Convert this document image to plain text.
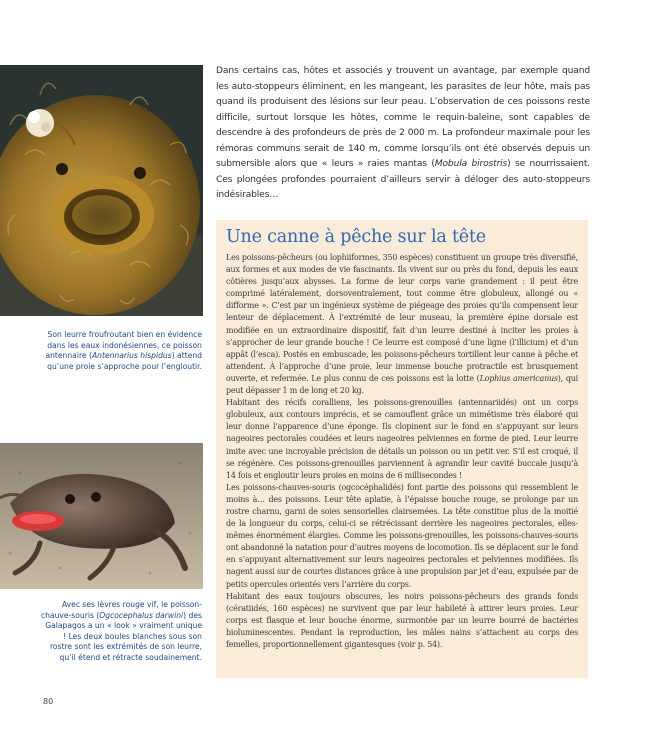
Son leurre froufroutant bien en évidence dans les eaux indonésiennes, ce poisson antennaire (Antennarius hispidus) attend qu’une proie s’approche pour l’engloutir.

Avec ses lèvres rouge vif, le poisson-chauve-souris (Ogcocephalus darwini) des Galapagos a un « look » vraiment unique ! Les deux boules blanches sous son rostre sont les extrémités de son leurre, qu’il étend et rétracte soudainement.

Dans certains cas, hôtes et associés y trouvent un avantage, par exemple quand les auto-stoppeurs éliminent, en les mangeant, les parasites de leur hôte, mais pas quand ils produisent des lésions sur leur peau. L’observation de ces poissons reste difficile, surtout lorsque les hôtes, comme le requin-baleine, sont capables de descendre à des profondeurs de près de 2 000 m. La profondeur maximale pour les rémoras communs serait de 140 m, comme lorsqu’ils ont été observés depuis un submersible alors que « leurs » raies mantas (Mobula birostris) se nourrissaient. Ces plongées profondes pourraient d’ailleurs servir à déloger des auto-stoppeurs indésirables…

Une canne à pêche sur la tête

Les poissons-pêcheurs (ou lophiiformes, 350 espèces) constituent un groupe très diversifié, aux formes et aux modes de vie fascinants. Ils vivent sur ou près du fond, depuis les eaux côtières jusqu’aux abysses. La forme de leur corps varie grandement : il peut être comprimé latéralement, dorsoventralement, tout comme être globuleux, allongé ou « difforme ». C’est par un ingénieux système de piégeage des proies qu’ils compensent leur lenteur de déplacement. À l’extrémité de leur museau, la première épine dorsale est modifiée en un extraordinaire dispositif, fait d’un leurre destiné à inciter les proies à s’approcher de leur grande bouche ! Ce leurre est composé d’une ligne (l’illicium) et d’un appât (l’esca). Postés en embuscade, les poissons-pêcheurs tortillent leur canne à pêche et attendent. À l’approche d’une proie, leur immense bouche protractile est brusquement ouverte, et refermée. Le plus connu de ces poissons est la lotte (Lophius americanus), qui peut dépasser 1 m de long et 20 kg.

Habitant des récifs coralliens, les poissons-grenouilles (antennariidés) ont un corps globuleux, aux contours imprécis, et se camouflent grâce un mimétisme très élaboré qui leur donne l’apparence d’une éponge. Ils clopinent sur le fond en s’appuyant sur leurs nageoires pectorales coudées et leurs nageoires pelviennes en forme de pied. Leur leurre imite avec une incroyable précision de détails un poisson ou un petit ver. S’il est croqué, il se régénère. Ces poissons-grenouilles parviennent à agrandir leur cavité buccale jusqu’à 14 fois et engloutir leurs proies en moins de 6 millisecondes !

Les poissons-chauves-souris (ogcocéphalidés) font partie des poissons qui ressemblent le moins à… des poissons. Leur tête aplatie, à l’épaisse bouche rouge, se prolonge par un rostre charnu, garni de soies sensorielles clairsemées. La tête constitue plus de la moitié de la longueur du corps, celui-ci se rétrécissant derrière les nageoires pectorales, elles-mêmes énormément élargies. Comme les poissons-grenouilles, les poissons-chauves-souris ont abandonné la natation pour d’autres moyens de locomotion. Ils se déplacent sur le fond en s’appuyant alternativement sur leurs nageoires pectorales et pelviennes modifiées. Ils nagent aussi sur de courtes distances grâce à une propulsion par jet d’eau, expulsée par de petits opercules orientés vers l’arrière du corps.

Habitant des eaux toujours obscures, les noirs poissons-pêcheurs des grands fonds (cératiidés, 160 espèces) ne survivent que par leur habileté à attirer leurs proies. Leur corps est flasque et leur bouche énorme, surmontée par un leurre bourré de bactéries bioluminescentes. Pendant la reproduction, les mâles nains s’attachent au corps des femelles, proportionnellement gigantesques (voir p. 54).

80
